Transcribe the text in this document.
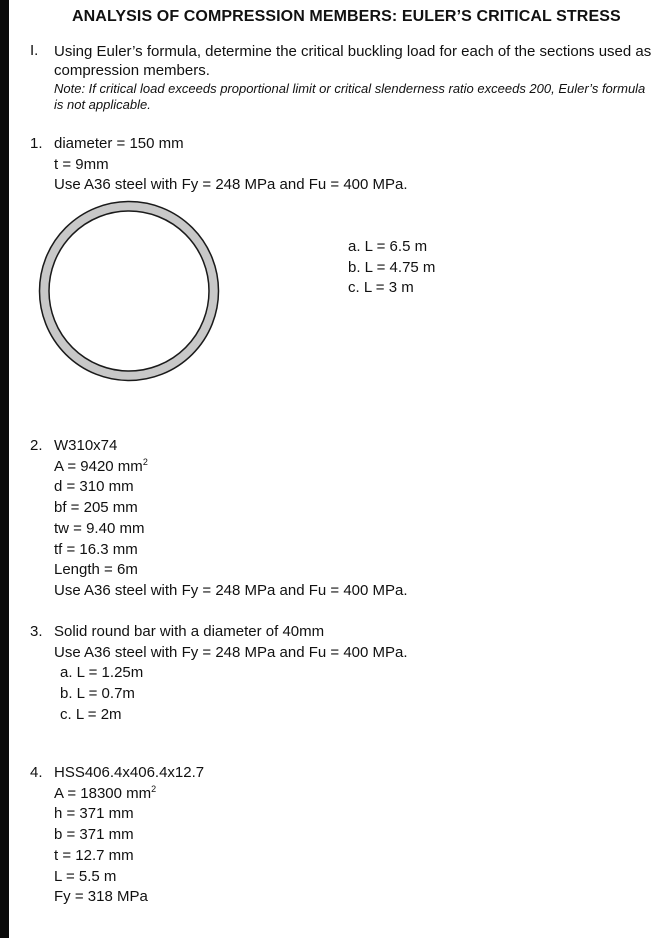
ANALYSIS OF COMPRESSION MEMBERS: EULER’S CRITICAL STRESS
I. Using Euler’s formula, determine the critical buckling load for each of the sections used as compression members.
Note: If critical load exceeds proportional limit or critical slenderness ratio exceeds 200, Euler’s formula is not applicable.
1. diameter = 150 mm
t = 9mm
Use A36 steel with Fy = 248 MPa and Fu = 400 MPa.
a. L = 6.5 m
b. L = 4.75 m
c. L = 3 m
2. W310x74
A = 9420 $mm^2$
d = 310 mm
bf = 205 mm
tw = 9.40 mm
tf = 16.3 mm
Length = 6m
Use A36 steel with Fy = 248 MPa and Fu = 400 MPa.
3. Solid round bar with a diameter of 40mm
Use A36 steel with Fy = 248 MPa and Fu = 400 MPa.
a. L = 1.25m
b. L = 0.7m
c. L = 2m
4. HSS406.4x406.4x12.7
A = 18300 $mm^2$
h = 371 mm
b = 371 mm
t = 12.7 mm
L = 5.5 m
Fy = 318 MPa
